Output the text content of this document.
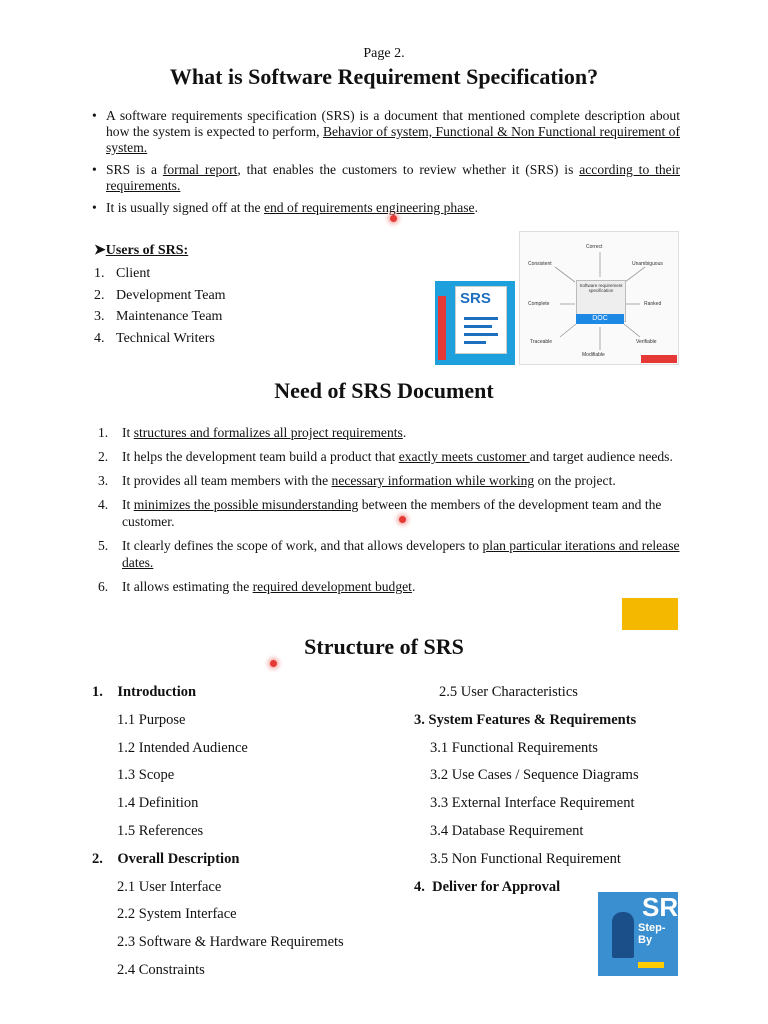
Page 2.
What is Software Requirement Specification?
• A software requirements specification (SRS) is a document that mentioned complete description about how the system is expected to perform, Behavior of system, Functional & Non Functional requirement of system.
• SRS is a formal report, that enables the customers to review whether it (SRS) is according to their requirements.
• It is usually signed off at the end of requirements engineering phase.
➤Users of SRS:
1. Client
2. Development Team
3. Maintenance Team
4. Technical Writers
SRS
Correct
Consistent	Unambiguous
Complete	Ranked
Traceable	Verifiable
Modifiable
Software requirement specification
DOC
Need of SRS Document
1.	It structures and formalizes all project requirements.
2.	It helps the development team build a product that exactly meets customer and target audience needs.
3.	It provides all team members with the necessary information while working on the project.
4.	It minimizes the possible misunderstanding between the members of the development team and the customer.
5.	It clearly defines the scope of work, and that allows developers to plan particular iterations and release dates.
6.	It allows estimating the required development budget.
Structure of SRS
1. Introduction
1.1 Purpose
1.2 Intended Audience
1.3 Scope
1.4 Definition
1.5 References
2. Overall Description
2.1 User Interface
2.2 System Interface
2.3 Software & Hardware Requiremets
2.4 Constraints
2.5 User Characteristics
3. System Features & Requirements
3.1 Functional Requirements
3.2 Use Cases / Sequence Diagrams
3.3 External Interface Requirement
3.4 Database Requirement
3.5 Non Functional Requirement
4. Deliver for Approval
SR
Step-By
